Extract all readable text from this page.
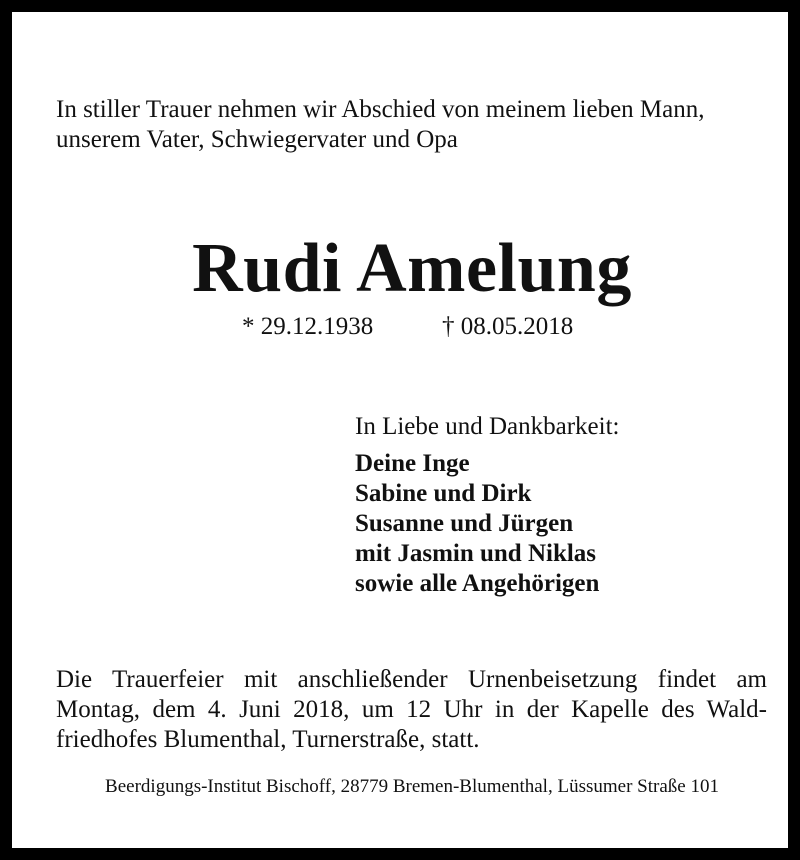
In stiller Trauer nehmen wir Abschied von meinem lieben Mann,

unserem Vater, Schwiegervater und Opa

Rudi Amelung

* 29.12.1938	† 08.05.2018

In Liebe und Dankbarkeit:

Deine Inge

Sabine und Dirk

Susanne und Jürgen

mit Jasmin und Niklas

sowie alle Angehörigen

Die Trauerfeier mit anschließender Urnenbeisetzung findet am

Montag, dem 4. Juni 2018, um 12 Uhr in der Kapelle des Wald-

friedhofes Blumenthal, Turnerstraße, statt.

Beerdigungs-Institut Bischoff, 28779 Bremen-Blumenthal, Lüssumer Straße 101
